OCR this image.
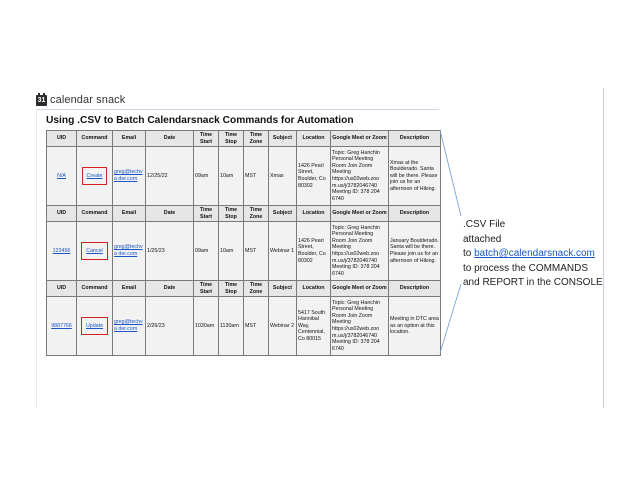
31 calendar snack
Using .CSV to Batch Calendarsnack Commands for Automation
UID	Command	Email	Date	Time Start	Time Stop	Time Zone	Subject	Location	Google Meet or Zoom	Description
N/A	Create	greg@techva der.com	12/25/22	09am	10am	MST	Xmas	1426 Pearl Street, Boulder, Co 80302	Topic: Greg Hanchin Personal Meeting Room Join Zoom Meeting https://us02web.zoo m.us/j/3782046740 Meeting ID: 378 204 6740	Xmas at the Boulderado. Santa will be there. Please join us for an afternoon of Hiking.
UID	Command	Email	Date	Time Start	Time Stop	Time Zone	Subject	Location	Google Meet or Zoom	Description
123456	Cancel	greg@techva der.com	1/25/23	09am	10am	MST	Webinar 1	1426 Pearl Street, Boulder, Co 80302	Topic: Greg Hanchin Personal Meeting Room Join Zoom Meeting https://us02web.zoo m.us/j/3782046740 Meeting ID: 378 204 6740	January Boulderado. Santa will be there. Please join us for an afternoon of Hiking.
UID	Command	Email	Date	Time Start	Time Stop	Time Zone	Subject	Location	Google Meet or Zoom	Description
9887766	Update	greg@techva der.com	2/26/23	1030am	1130am	MST	Webinar 2	5417 South Hannibal Way, Centennial, Co 80015	Topic: Greg Hanchin Personal Meeting Room Join Zoom Meeting https://us02web.zoo m.us/j/3782046740 Meeting ID: 378 204 6740	Meeting in DTC area as an option at this location.
.CSV File
attached
to batch@calendarsnack.com
to process the COMMANDS
and REPORT in the CONSOLE
